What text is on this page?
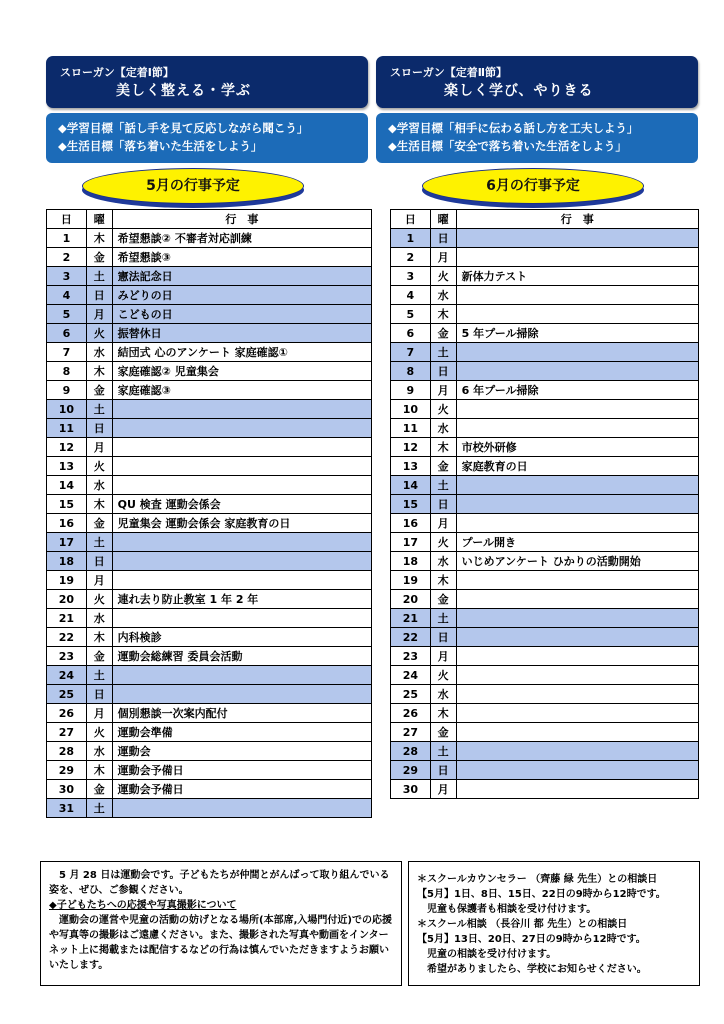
スローガン【定着Ⅰ節】
美しく整える・学ぶ
スローガン【定着Ⅱ節】
楽しく学び、やりきる
◆学習目標「話し手を見て反応しながら聞こう」
◆生活目標「落ち着いた生活をしよう」
◆学習目標「相手に伝わる話し方を工夫しよう」
◆生活目標「安全で落ち着いた生活をしよう」
5月の行事予定	6月の行事予定
日	曜	行　事
1	木	希望懇談② 不審者対応訓練
2	金	希望懇談③
3	土	憲法記念日
4	日	みどりの日
5	月	こどもの日
6	火	振替休日
7	水	結団式 心のアンケート 家庭確認①
8	木	家庭確認② 児童集会
9	金	家庭確認③
10	土	
11	日	
12	月	
13	火	
14	水	
15	木	QU 検査 運動会係会
16	金	児童集会 運動会係会 家庭教育の日
17	土	
18	日	
19	月	
20	火	連れ去り防止教室 1 年 2 年
21	水	
22	木	内科検診
23	金	運動会総練習 委員会活動
24	土	
25	日	
26	月	個別懇談一次案内配付
27	火	運動会準備
28	水	運動会
29	木	運動会予備日
30	金	運動会予備日
31	土	
日	曜	行　事
1	日	
2	月	
3	火	新体力テスト
4	水	
5	木	
6	金	5 年プール掃除
7	土	
8	日	
9	月	6 年プール掃除
10	火	
11	水	
12	木	市校外研修
13	金	家庭教育の日
14	土	
15	日	
16	月	
17	火	プール開き
18	水	いじめアンケート ひかりの活動開始
19	木	
20	金	
21	土	
22	日	
23	月	
24	火	
25	水	
26	木	
27	金	
28	土	
29	日	
30	月	

　5 月 28 日は運動会です。子どもたちが仲間とがんばって取り組んでいる姿を、ぜひ、ご参観ください。

◆子どもたちへの応援や写真撮影について

　運動会の運営や児童の活動の妨げとなる場所(本部席,入場門付近)での応援や写真等の撮影はご遠慮ください。また、撮影された写真や動画をインターネット上に掲載または配信するなどの行為は慎んでいただきますようお願いいたします。

＊スクールカウンセラー （齊藤 緑 先生）との相談日

【5月】1日、8日、15日、22日の9時から12時です。

　児童も保護者も相談を受け付けます。

＊スクール相談 （長谷川 都 先生）との相談日

【5月】13日、20日、27日の9時から12時です。

　児童の相談を受け付けます。

　希望がありましたら、学校にお知らせください。
